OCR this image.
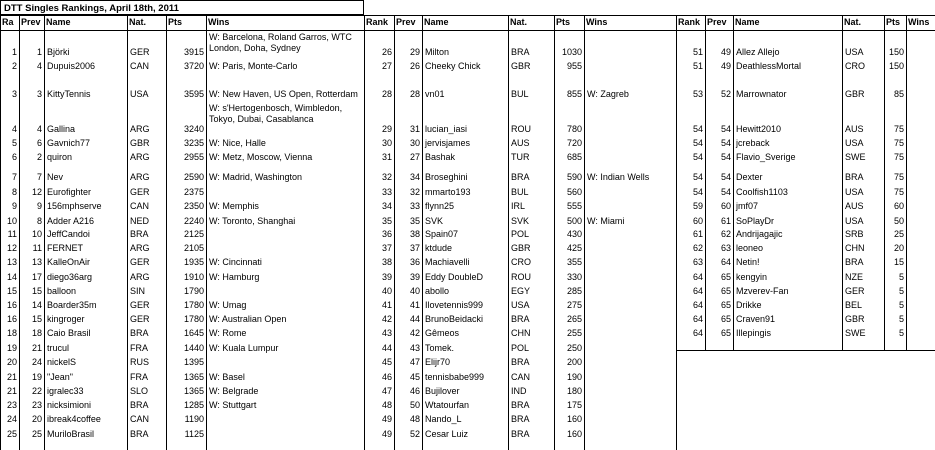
DTT Singles Rankings, April 18th, 2011
Ra Prev Name	Nat.	Pts	Wins
1	1 Björki	GER	3915
W: Barcelona, Roland Garros, WTC
London, Doha, Sydney
2	4 Dupuis2006	CAN	3720 W: Paris, Monte-Carlo
3	3 KittyTennis	USA	3595 W: New Haven, US Open, Rotterdam
4	4 Gallina	ARG	3240
W: s'Hertogenbosch, Wimbledon,
Tokyo, Dubai, Casablanca
5	6 Gavnich77	GBR	3235 W: Nice, Halle
6	2 quiron	ARG	2955 W: Metz, Moscow, Vienna
7	7 Nev	ARG	2590 W: Madrid, Washington
8	12 Eurofighter	GER	2375
9	9 156mphserve	CAN	2350 W: Memphis
10	8 Adder A216	NED	2240 W: Toronto, Shanghai
11	10 JeffCandoi	BRA	2125
12	11 FERNET	ARG	2105
13	13 KalleOnAir	GER	1935 W: Cincinnati
14	17 diego36arg	ARG	1910 W: Hamburg
15	15 balloon	SIN	1790
16	14 Boarder35m	GER	1780 W: Umag
16	15 kingroger	GER	1780 W: Australian Open
18	18 Caio Brasil	BRA	1645 W: Rome
19	21 trucul	FRA	1440 W: Kuala Lumpur
20	24 nickelS	RUS	1395
21	19 "Jean"	FRA	1365 W: Basel
21	22 igralec33	SLO	1365 W: Belgrade
23	23 nicksimioni	BRA	1285 W: Stuttgart
24	20 ibreak4coffee	CAN	1190
25	25 MuriloBrasil	BRA	1125
Rank Prev Name	Nat.	Pts	Wins
26	29 Milton	BRA	1030
27	26 Cheeky Chick	GBR	955
28	28 vn01	BUL	855 W: Zagreb
29	31 lucian_iasi	ROU	780
30	30 jervisjames	AUS	720
31	27 Bashak	TUR	685
32	34 Broseghini	BRA	590 W: Indian Wells
33	32 mmarto193	BUL	560
34	33 flynn25	IRL	555
35	35 SVK	SVK	500 W: Miami
36	38 Spain07	POL	430
37	37 ktdude	GBR	425
38	36 Machiavelli	CRO	355
39	39 Eddy DoubleD	ROU	330
40	40 abollo	EGY	285
41	41 Ilovetennis999	USA	275
42	44 BrunoBeidacki	BRA	265
43	42 Gêmeos	CHN	255
44	43 Tomek.	POL	250
45	47 Elijr70	BRA	200
46	45 tennisbabe999	CAN	190
47	46 Bujilover	IND	180
48	50 Wtatourfan	BRA	175
49	48 Nando_L	BRA	160
49	52 Cesar Luiz	BRA	160
Rank Prev Name	Nat.	Pts Wins
51	49 Allez Allejo	USA	150
51	49 DeathlessMortal	CRO	150
53	52 Marrownator	GBR	85
54	54 Hewitt2010	AUS	75
54	54 jcreback	USA	75
54	54 Flavio_Sverige	SWE	75
54	54 Dexter	BRA	75
54	54 Coolfish1103	USA	75
59	60 jmf07	AUS	60
60	61 SoPlayDr	USA	50
61	62 Andrijagajic	SRB	25
62	63 leoneo	CHN	20
63	64 Netin!	BRA	15
64	65 kengyin	NZE	5
64	65 Mzverev-Fan	GER	5
64	65 Drikke	BEL	5
64	65 Craven91	GBR	5
64	65 Illepingis	SWE	5
